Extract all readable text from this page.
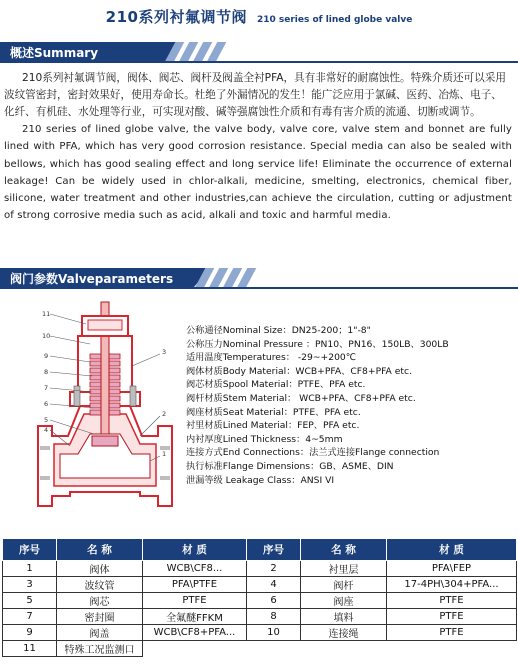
210系列衬氟调节阀 210 series of lined globe valve
概述Summary

210系列衬氟调节阀，阀体、阀芯、阀杆及阀盖全衬PFA，具有非常好的耐腐蚀性。特殊介质还可以采用波纹管密封，密封效果好，使用寿命长。杜绝了外漏情况的发生！能广泛应用于氯碱、医药、冶炼、电子、化纤、有机硅、水处理等行业，可实现对酸、碱等强腐蚀性介质和有毒有害介质的流通、切断或调节。

210 series of lined globe valve, the valve body, valve core, valve stem and bonnet are fully lined with PFA, which has very good corrosion resistance. Special media can also be sealed with bellows, which has good sealing effect and long service life! Eliminate the occurrence of external leakage! Can be widely used in chlor-alkali, medicine, smelting, electronics, chemical fiber, silicone, water treatment and other industries,can achieve the circulation, cutting or adjustment of strong corrosive media such as acid, alkali and toxic and harmful media.

阀门参数Valveparameters
11
10
9
8
7
6
5
4
3
2
1
公称通径Nominal Size：DN25-200；1"-8"
公称压力Nominal Pressure ：PN10、PN16、150LB、300LB
适用温度Temperatures： -29~+200℃
阀体材质Body Material：WCB+PFA、CF8+PFA etc.
阀芯材质Spool Material：PTFE、PFA etc.
阀杆材质Stem Material： WCB+PFA、CF8+PFA etc.
阀座材质Seat Material：PTFE、PFA etc.
衬里材质Lined Material：FEP、PFA etc.
内衬厚度Lined Thickness：4~5mm
连接方式End Connections：法兰式连接Flange connection
执行标准Flange Dimensions：GB、ASME、DIN
泄漏等级 Leakage Class：ANSI VI
序号	名 称	材 质	序号	名 称	材 质
1	阀体	WCB\CF8...	2	衬里层	PFA\FEP
3	波纹管	PFA\PTFE	4	阀杆	17-4PH\304+PFA...
5	阀芯	PTFE	6	阀座	PTFE
7	密封圈	全氟醚FFKM	8	填料	PTFE
9	阀盖	WCB\CF8+PFA...	10	连接绳	PTFE
11	特殊工况监测口				
